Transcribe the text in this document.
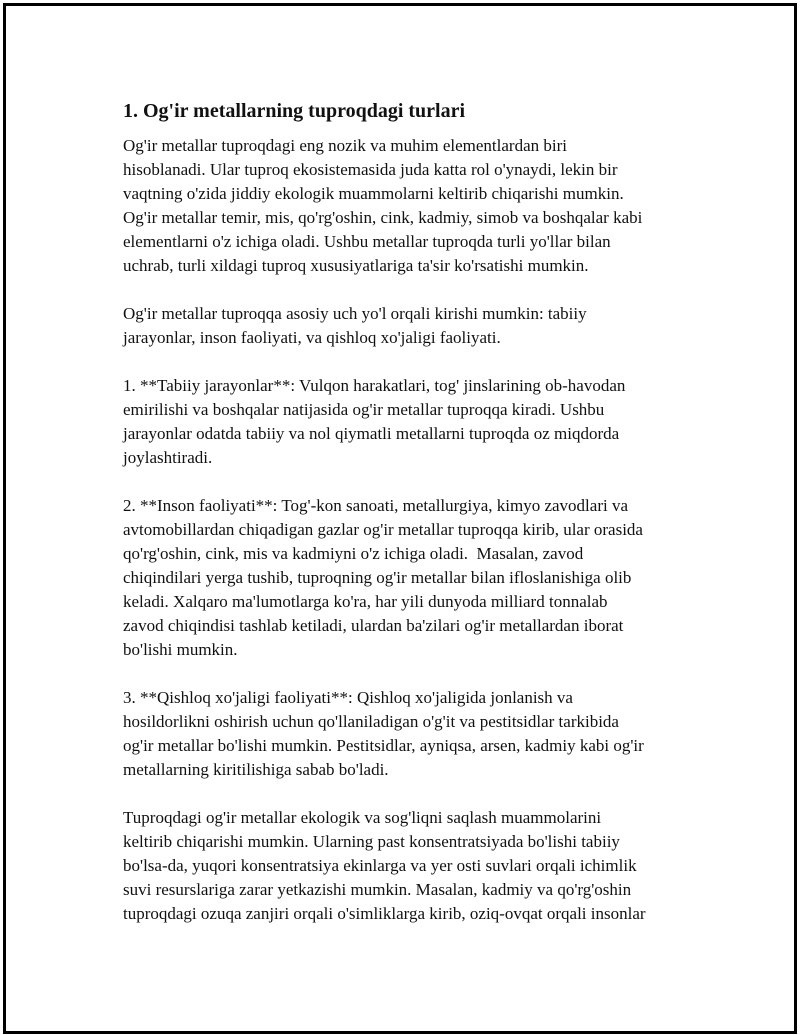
1. Og'ir metallarning tuproqdagi turlari
Og'ir metallar tuproqdagi eng nozik va muhim elementlardan biri
hisoblanadi. Ular tuproq ekosistemasida juda katta rol o'ynaydi, lekin bir
vaqtning o'zida jiddiy ekologik muammolarni keltirib chiqarishi mumkin.
Og'ir metallar temir, mis, qo'rg'oshin, cink, kadmiy, simob va boshqalar kabi
elementlarni o'z ichiga oladi. Ushbu metallar tuproqda turli yo'llar bilan
uchrab, turli xildagi tuproq xususiyatlariga ta'sir ko'rsatishi mumkin.
Og'ir metallar tuproqqa asosiy uch yo'l orqali kirishi mumkin: tabiiy
jarayonlar, inson faoliyati, va qishloq xo'jaligi faoliyati.
1. **Tabiiy jarayonlar**: Vulqon harakatlari, tog' jinslarining ob-havodan
emirilishi va boshqalar natijasida og'ir metallar tuproqqa kiradi. Ushbu
jarayonlar odatda tabiiy va nol qiymatli metallarni tuproqda oz miqdorda
joylashtiradi.
2. **Inson faoliyati**: Tog'-kon sanoati, metallurgiya, kimyo zavodlari va
avtomobillardan chiqadigan gazlar og'ir metallar tuproqqa kirib, ular orasida
qo'rg'oshin, cink, mis va kadmiyni o'z ichiga oladi.  Masalan, zavod
chiqindilari yerga tushib, tuproqning og'ir metallar bilan ifloslanishiga olib
keladi. Xalqaro ma'lumotlarga ko'ra, har yili dunyoda milliard tonnalab
zavod chiqindisi tashlab ketiladi, ulardan ba'zilari og'ir metallardan iborat
bo'lishi mumkin.
3. **Qishloq xo'jaligi faoliyati**: Qishloq xo'jaligida jonlanish va
hosildorlikni oshirish uchun qo'llaniladigan o'g'it va pestitsidlar tarkibida
og'ir metallar bo'lishi mumkin. Pestitsidlar, ayniqsa, arsen, kadmiy kabi og'ir
metallarning kiritilishiga sabab bo'ladi.
Tuproqdagi og'ir metallar ekologik va sog'liqni saqlash muammolarini
keltirib chiqarishi mumkin. Ularning past konsentratsiyada bo'lishi tabiiy
bo'lsa-da, yuqori konsentratsiya ekinlarga va yer osti suvlari orqali ichimlik
suvi resurslariga zarar yetkazishi mumkin. Masalan, kadmiy va qo'rg'oshin
tuproqdagi ozuqa zanjiri orqali o'simliklarga kirib, oziq-ovqat orqali insonlar
